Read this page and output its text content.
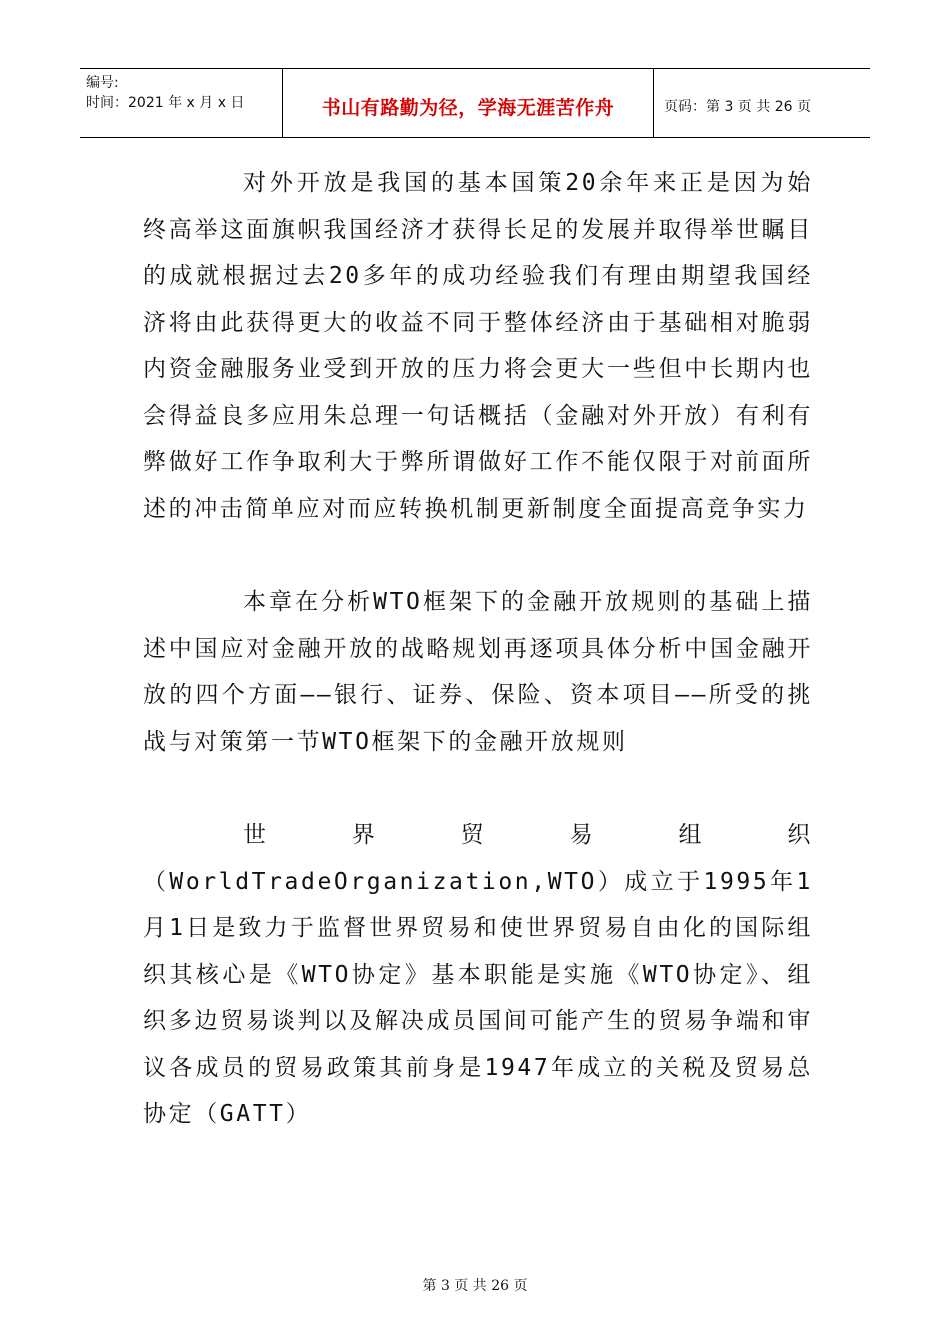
编号:
时间：2021 年 x 月 x 日	书山有路勤为径，学海无涯苦作舟	页码：第 3 页 共 26 页

对外开放是我国的基本国策20余年来正是因为始终高举这面旗帜我国经济才获得长足的发展并取得举世瞩目的成就根据过去20多年的成功经验我们有理由期望我国经济将由此获得更大的收益不同于整体经济由于基础相对脆弱内资金融服务业受到开放的压力将会更大一些但中长期内也会得益良多应用朱总理一句话概括（金融对外开放）有利有弊做好工作争取利大于弊所谓做好工作不能仅限于对前面所述的冲击简单应对而应转换机制更新制度全面提高竞争实力

本章在分析WTO框架下的金融开放规则的基础上描述中国应对金融开放的战略规划再逐项具体分析中国金融开放的四个方面——银行、证券、保险、资本项目——所受的挑战与对策第一节WTO框架下的金融开放规则

世界贸易组织（WorldTradeOrganization,WTO）成立于1995年1月1日是致力于监督世界贸易和使世界贸易自由化的国际组织其核心是《WTO协定》基本职能是实施《WTO协定》、组织多边贸易谈判以及解决成员国间可能产生的贸易争端和审议各成员的贸易政策其前身是1947年成立的关税及贸易总协定（GATT）

第 3 页 共 26 页
